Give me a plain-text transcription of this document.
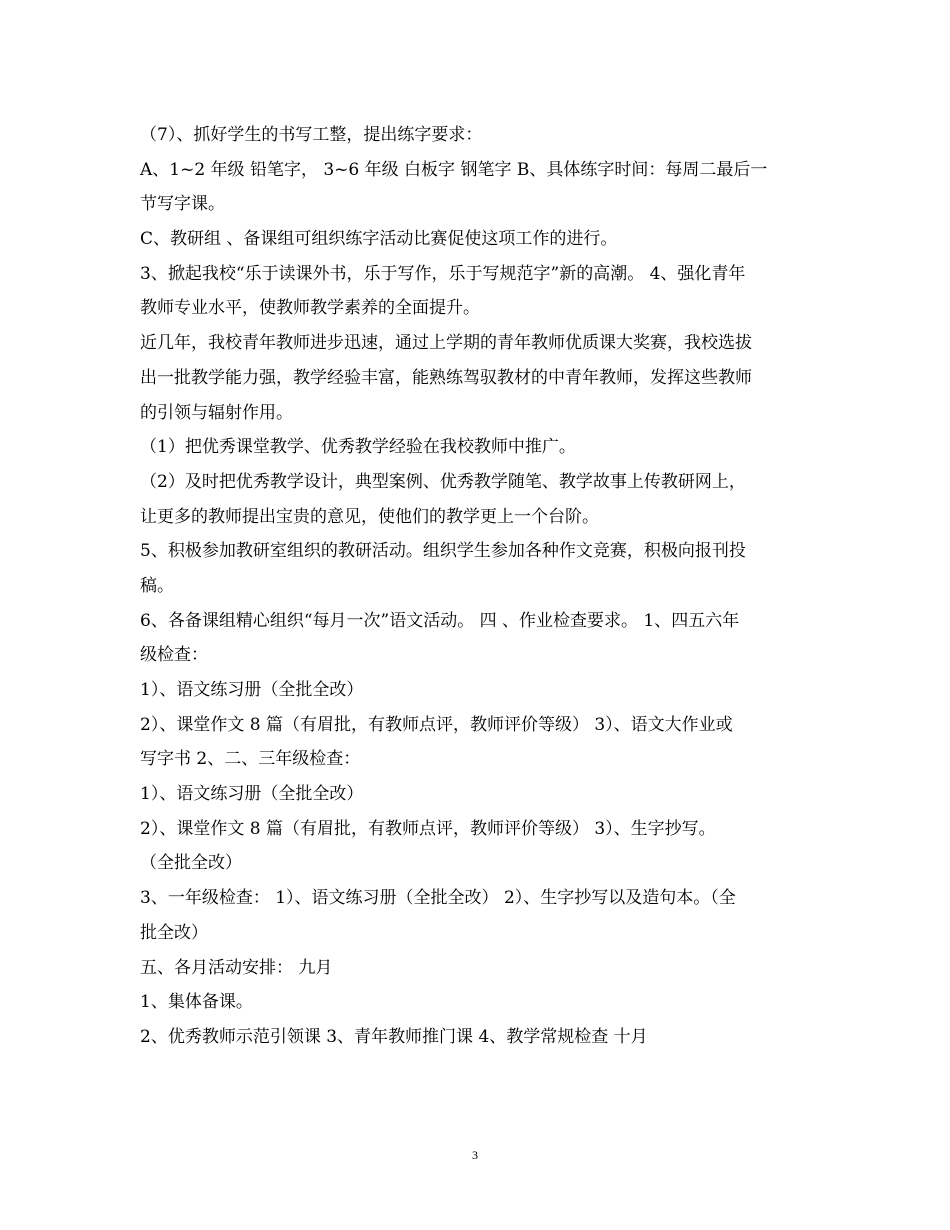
（7）、抓好学生的书写工整，提出练字要求：

A、1~2 年级 铅笔字， 3~6 年级 白板字 钢笔字 B、具体练字时间：每周二最后一

节写字课。

C、教研组 、备课组可组织练字活动比赛促使这项工作的进行。

3、掀起我校“乐于读课外书，乐于写作，乐于写规范字”新的高潮。 4、强化青年

教师专业水平，使教师教学素养的全面提升。

近几年，我校青年教师进步迅速，通过上学期的青年教师优质课大奖赛，我校选拔

出一批教学能力强，教学经验丰富，能熟练驾驭教材的中青年教师，发挥这些教师

的引领与辐射作用。

（1）把优秀课堂教学、优秀教学经验在我校教师中推广。

（2）及时把优秀教学设计，典型案例、优秀教学随笔、教学故事上传教研网上，

让更多的教师提出宝贵的意见，使他们的教学更上一个台阶。

5、积极参加教研室组织的教研活动。组织学生参加各种作文竞赛，积极向报刊投

稿。

6、各备课组精心组织“每月一次”语文活动。 四 、作业检查要求。 1、四五六年

级检查：

1）、语文练习册（全批全改）

2）、课堂作文 8 篇（有眉批，有教师点评，教师评价等级） 3）、语文大作业或

写字书 2、二、三年级检查：

1）、语文练习册（全批全改）

2）、课堂作文 8 篇（有眉批，有教师点评，教师评价等级） 3）、生字抄写。

（全批全改）

3、一年级检查： 1）、语文练习册（全批全改） 2）、生字抄写以及造句本。（全

批全改）

五、各月活动安排： 九月

1、集体备课。

2、优秀教师示范引领课 3、青年教师推门课 4、教学常规检查 十月

3
